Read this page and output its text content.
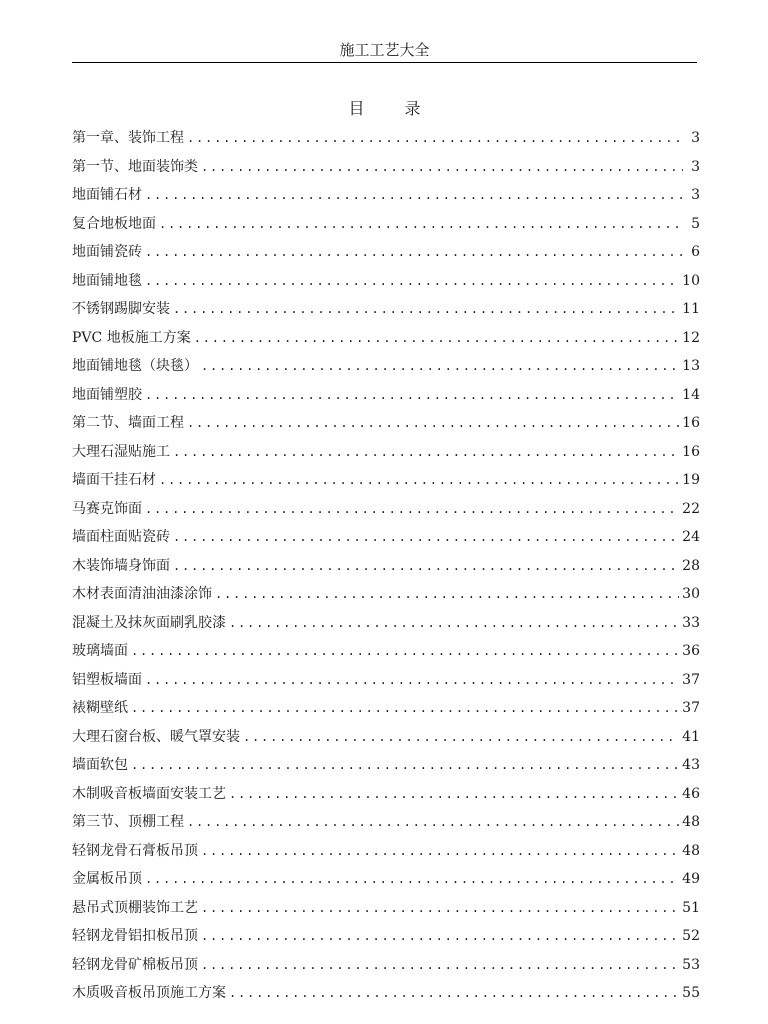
施工工艺大全
目录
第一章、装饰工程 .....	3
第一节、地面装饰类 .....	3
地面铺石材 .....	3
复合地板地面 .....	5
地面铺瓷砖 .....	6
地面铺地毯 .....	10
不锈钢踢脚安装 .....	11
PVC 地板施工方案 .....	12
地面铺地毯（块毯） .....	13
地面铺塑胶 .....	14
第二节、墙面工程 .....	16
大理石湿贴施工 .....	16
墙面干挂石材 .....	19
马赛克饰面 .....	22
墙面柱面贴瓷砖 .....	24
木装饰墙身饰面 .....	28
木材表面清油油漆涂饰 .....	30
混凝土及抹灰面刷乳胶漆 .....	33
玻璃墙面 .....	36
铝塑板墙面 .....	37
裱糊壁纸 .....	37
大理石窗台板、暖气罩安装 .....	41
墙面软包 .....	43
木制吸音板墙面安装工艺 .....	46
第三节、顶棚工程 .....	48
轻钢龙骨石膏板吊顶 .....	48
金属板吊顶 .....	49
悬吊式顶棚装饰工艺 .....	51
轻钢龙骨铝扣板吊顶 .....	52
轻钢龙骨矿棉板吊顶 .....	53
木质吸音板吊顶施工方案 .....	55
